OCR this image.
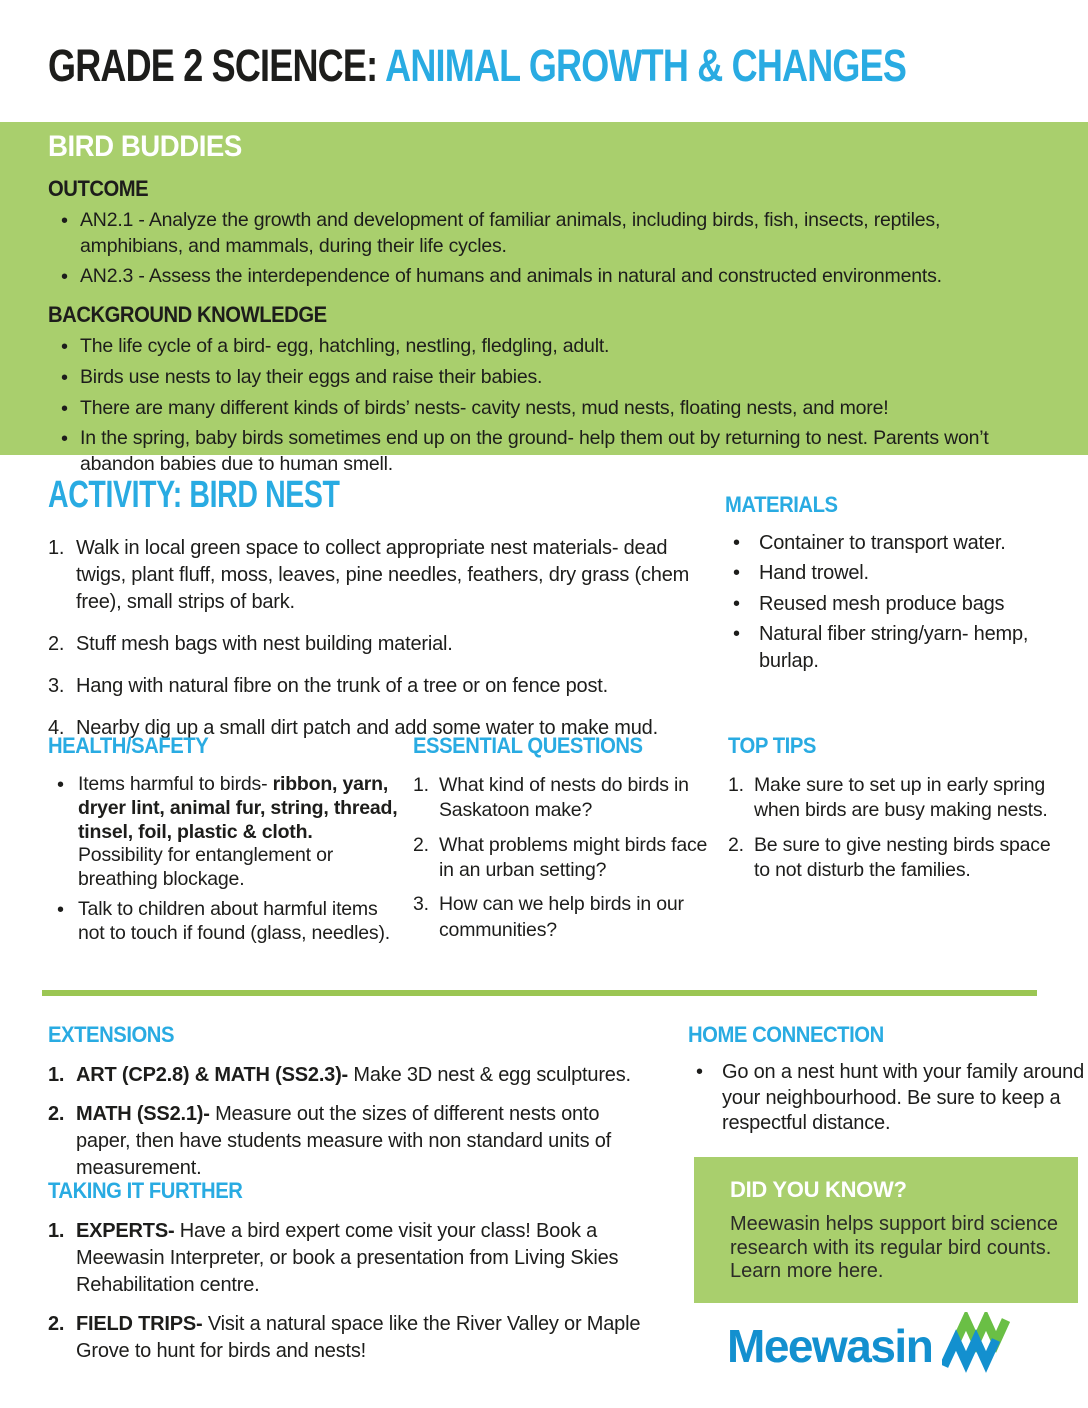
GRADE 2 SCIENCE: ANIMAL GROWTH & CHANGES
BIRD BUDDIES
OUTCOME
• AN2.1 - Analyze the growth and development of familiar animals, including birds, fish, insects, reptiles, amphibians, and mammals, during their life cycles.
• AN2.3 - Assess the interdependence of humans and animals in natural and constructed environments.
BACKGROUND KNOWLEDGE
• The life cycle of a bird- egg, hatchling, nestling, fledgling, adult.
• Birds use nests to lay their eggs and raise their babies.
• There are many different kinds of birds’ nests- cavity nests, mud nests, floating nests, and more!
• In the spring, baby birds sometimes end up on the ground- help them out by returning to nest. Parents won’t abandon babies due to human smell.
ACTIVITY: BIRD NEST
1. Walk in local green space to collect appropriate nest materials- dead twigs, plant fluff, moss, leaves, pine needles, feathers, dry grass (chem free), small strips of bark.
2. Stuff mesh bags with nest building material.
3. Hang with natural fibre on the trunk of a tree or on fence post.
4. Nearby dig up a small dirt patch and add some water to make mud.
MATERIALS
• Container to transport water.
• Hand trowel.
• Reused mesh produce bags
• Natural fiber string/yarn- hemp, burlap.
HEALTH/SAFETY
• Items harmful to birds- ribbon, yarn, dryer lint, animal fur, string, thread, tinsel, foil, plastic & cloth. Possibility for entanglement or breathing blockage.
• Talk to children about harmful items not to touch if found (glass, needles).
ESSENTIAL QUESTIONS
1. What kind of nests do birds in Saskatoon make?
2. What problems might birds face in an urban setting?
3. How can we help birds in our communities?
TOP TIPS
1. Make sure to set up in early spring when birds are busy making nests.
2. Be sure to give nesting birds space to not disturb the families.
EXTENSIONS
1. ART (CP2.8) & MATH (SS2.3)- Make 3D nest & egg sculptures.
2. MATH (SS2.1)- Measure out the sizes of different nests onto paper, then have students measure with non standard units of measurement.
TAKING IT FURTHER
1. EXPERTS- Have a bird expert come visit your class! Book a Meewasin Interpreter, or book a presentation from Living Skies Rehabilitation centre.
2. FIELD TRIPS- Visit a natural space like the River Valley or Maple Grove to hunt for birds and nests!
HOME CONNECTION
• Go on a nest hunt with your family around your neighbourhood. Be sure to keep a respectful distance.
DID YOU KNOW?

Meewasin helps support bird science research with its regular bird counts. Learn more here.

Meewasin
